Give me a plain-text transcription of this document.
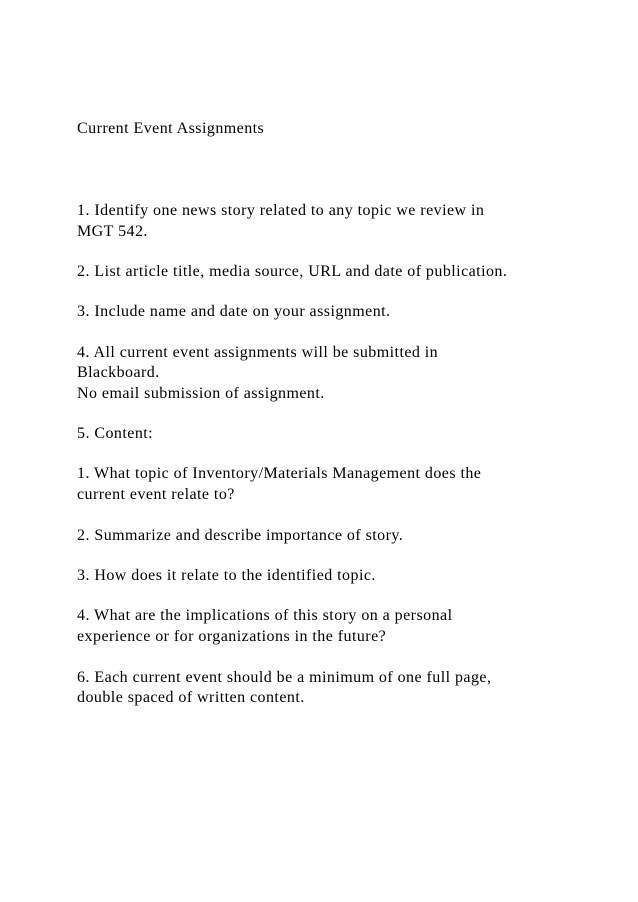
Current Event Assignments

1. Identify one news story related to any topic we review in

MGT 542.

2. List article title, media source, URL and date of publication.

3. Include name and date on your assignment.

4. All current event assignments will be submitted in

Blackboard.

No email submission of assignment.

5. Content:

1. What topic of Inventory/Materials Management does the

current event relate to?

2. Summarize and describe importance of story.

3. How does it relate to the identified topic.

4. What are the implications of this story on a personal

experience or for organizations in the future?

6. Each current event should be a minimum of one full page,

double spaced of written content.
